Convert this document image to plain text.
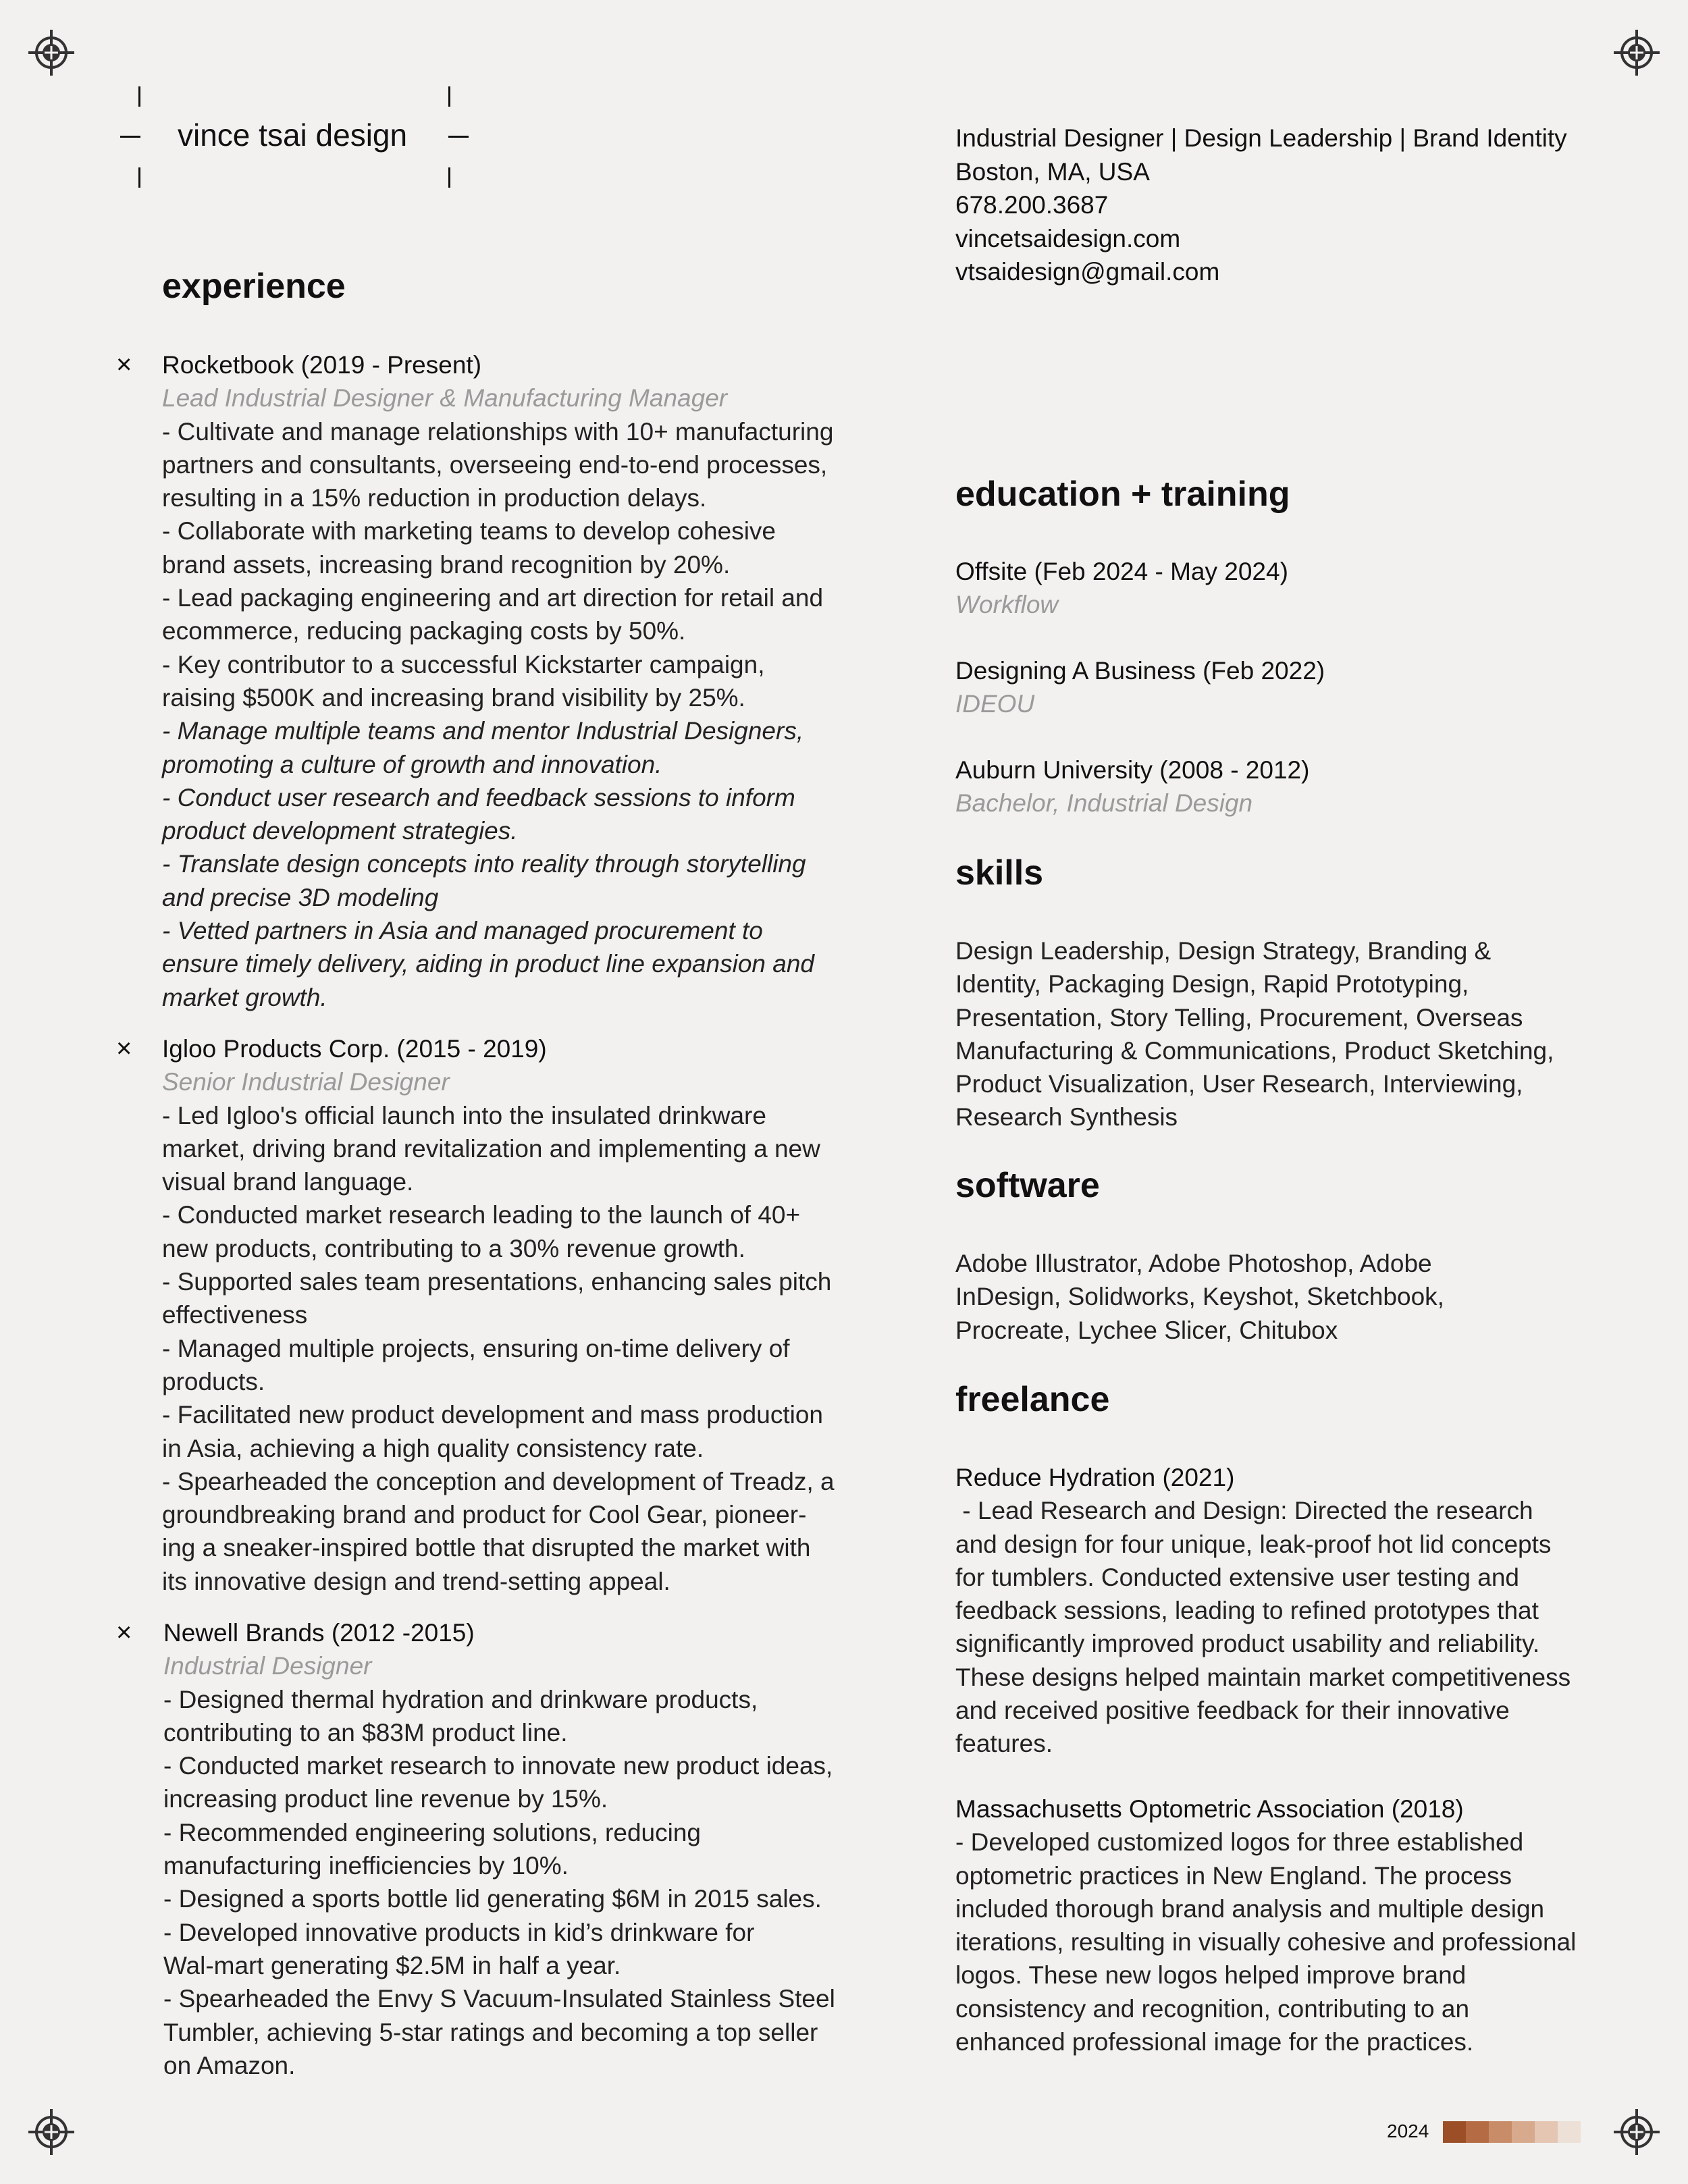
vince tsai design	Industrial Designer | Design Leadership | Brand Identity
Boston, MA, USA
678.200.3687
vincetsaidesign.com
vtsaidesign@gmail.com
experience
× Rocketbook (2019 - Present)
Lead Industrial Designer & Manufacturing Manager
- Cultivate and manage relationships with 10+ manufacturing
partners and consultants, overseeing end-to-end processes,
resulting in a 15% reduction in production delays.
- Collaborate with marketing teams to develop cohesive
brand assets, increasing brand recognition by 20%.
- Lead packaging engineering and art direction for retail and
ecommerce, reducing packaging costs by 50%.
- Key contributor to a successful Kickstarter campaign,
raising $500K and increasing brand visibility by 25%.
- Manage multiple teams and mentor Industrial Designers,
promoting a culture of growth and innovation.
- Conduct user research and feedback sessions to inform
product development strategies.
- Translate design concepts into reality through storytelling
and precise 3D modeling
- Vetted partners in Asia and managed procurement to
ensure timely delivery, aiding in product line expansion and
market growth.
× Igloo Products Corp. (2015 - 2019)
Senior Industrial Designer
- Led Igloo's official launch into the insulated drinkware
market, driving brand revitalization and implementing a new
visual brand language.
- Conducted market research leading to the launch of 40+
new products, contributing to a 30% revenue growth.
- Supported sales team presentations, enhancing sales pitch
effectiveness
- Managed multiple projects, ensuring on-time delivery of
products.
- Facilitated new product development and mass production
in Asia, achieving a high quality consistency rate.
- Spearheaded the conception and development of Treadz, a
groundbreaking brand and product for Cool Gear, pioneer-
ing a sneaker-inspired bottle that disrupted the market with
its innovative design and trend-setting appeal.
× Newell Brands (2012 -2015)
Industrial Designer
- Designed thermal hydration and drinkware products,
contributing to an $83M product line.
- Conducted market research to innovate new product ideas,
increasing product line revenue by 15%.
- Recommended engineering solutions, reducing
manufacturing inefficiencies by 10%.
- Designed a sports bottle lid generating $6M in 2015 sales.
- Developed innovative products in kid’s drinkware for
Wal-mart generating $2.5M in half a year.
- Spearheaded the Envy S Vacuum-Insulated Stainless Steel
Tumbler, achieving 5-star ratings and becoming a top seller
on Amazon.
education + training
Offsite (Feb 2024 - May 2024)
Workflow
Designing A Business (Feb 2022)
IDEOU
Auburn University (2008 - 2012)
Bachelor, Industrial Design
skills
Design Leadership, Design Strategy, Branding &
Identity, Packaging Design, Rapid Prototyping,
Presentation, Story Telling, Procurement, Overseas
Manufacturing & Communications, Product Sketching,
Product Visualization, User Research, Interviewing,
Research Synthesis
software
Adobe Illustrator, Adobe Photoshop, Adobe
InDesign, Solidworks, Keyshot, Sketchbook,
Procreate, Lychee Slicer, Chitubox
freelance
Reduce Hydration (2021)
- Lead Research and Design: Directed the research
and design for four unique, leak-proof hot lid concepts
for tumblers. Conducted extensive user testing and
feedback sessions, leading to refined prototypes that
significantly improved product usability and reliability.
These designs helped maintain market competitiveness
and received positive feedback for their innovative
features.
Massachusetts Optometric Association (2018)
- Developed customized logos for three established
optometric practices in New England. The process
included thorough brand analysis and multiple design
iterations, resulting in visually cohesive and professional
logos. These new logos helped improve brand
consistency and recognition, contributing to an
enhanced professional image for the practices.
2024
